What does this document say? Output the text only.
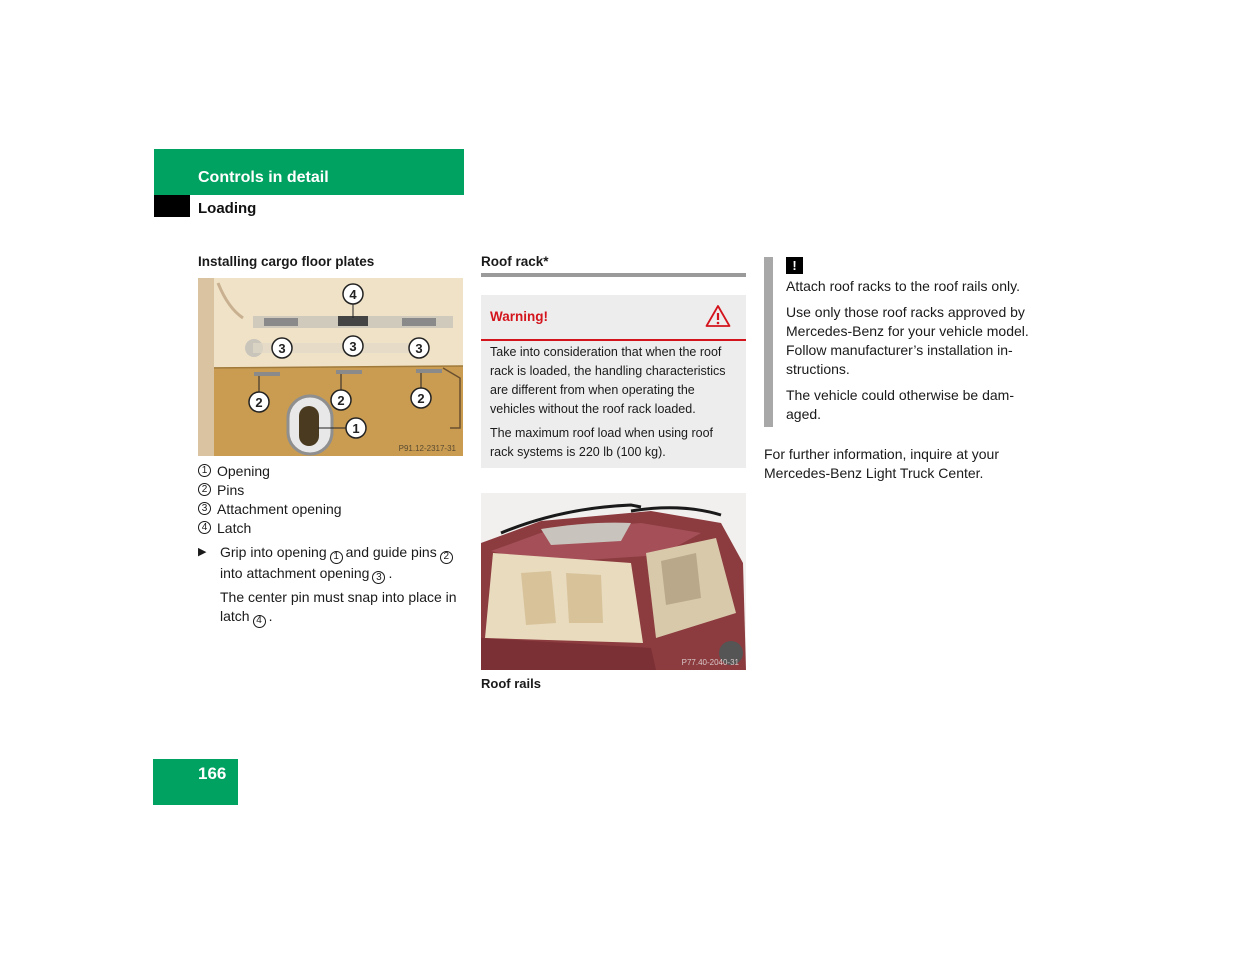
Controls in detail
Loading
Installing cargo floor plates
4
3	3	3
2	2	2
1
P91.12-2317-31
1 Opening
2 Pins
3 Attachment opening
4 Latch
▶ Grip into opening 1 and guide pins 2 into attachment opening 3 .
The center pin must snap into place in latch 4 .
Roof rack*
Warning!
Take into consideration that when the roof rack is loaded, the handling characteristics are different from when operating the vehicles without the roof rack loaded.
The maximum roof load when using roof rack systems is 220 lb (100 kg).
P77.40-2040-31
Roof rails
!
Attach roof racks to the roof rails only.
Use only those roof racks approved by Mercedes-Benz for your vehicle model. Follow manufacturer’s installation in-structions.
The vehicle could otherwise be dam-aged.
For further information, inquire at your Mercedes-Benz Light Truck Center.
166
